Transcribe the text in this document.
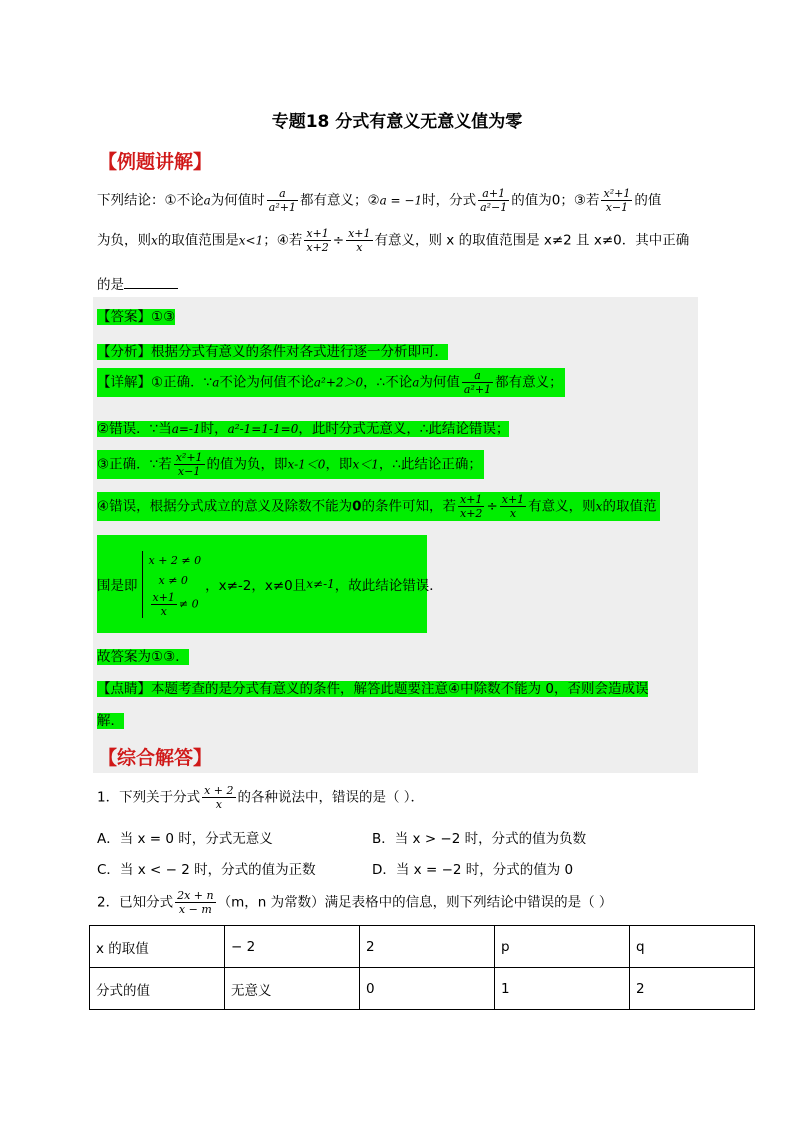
专题18 分式有意义无意义值为零
【例题讲解】
下列结论：①不论a为何值时 $\frac{a}{\text{a²+1}}$ 都有意义；②a = −1时，分式 $\frac{a+1}{\text{a²−1}}$ 的值为0；③若 $\frac{\text{x²+1}}{x-1}$ 的值
为负，则x的取值范围是x<1；④若 $\frac{x+1}{x+2} \div \frac{x+1}{x}$ 有意义，则 x 的取值范围是 x≠2 且 x≠0．其中正确
的是
【答案】①③
【分析】根据分式有意义的条件对各式进行逐一分析即可．
【详解】①正确．∵a不论为何值不论a²+2＞0，∴不论a为何值 $\frac{a}{\text{a²+1}}$ 都有意义；
②错误．∵当a=-1时，a²-1=1-1=0，此时分式无意义，∴此结论错误；
③正确．∵若 $\frac{\text{x²+1}}{x-1}$ 的值为负，即x-1＜0，即x＜1，∴此结论正确；
④错误，根据分式成立的意义及除数不能为0的条件可知，若 $\frac{x+1}{x+2} \div \frac{x+1}{x}$ 有意义，则x的取值范
围是即
x + 2 ≠ 0
x ≠ 0
$\frac{x+1}{x} \ne 0$
，x≠-2，x≠0 且 x≠-1 ，故此结论错误．
故答案为①③．
【点睛】本题考查的是分式有意义的条件，解答此题要注意④中除数不能为 0，否则会造成误
解．
【综合解答】
1．下列关于分式 $\frac{x + 2}{x}$ 的各种说法中，错误的是（ ）．
A．当 x = 0 时，分式无意义	B．当 x > −2 时，分式的值为负数
C．当 x < − 2 时，分式的值为正数	D．当 x = −2 时，分式的值为 0
2．已知分式 $\frac{2x + n}{x - m} (m$，n 为常数）满足表格中的信息，则下列结论中错误的是（ ）
x 的取值	− 2	2	p	q
分式的值	无意义	0	1	2
